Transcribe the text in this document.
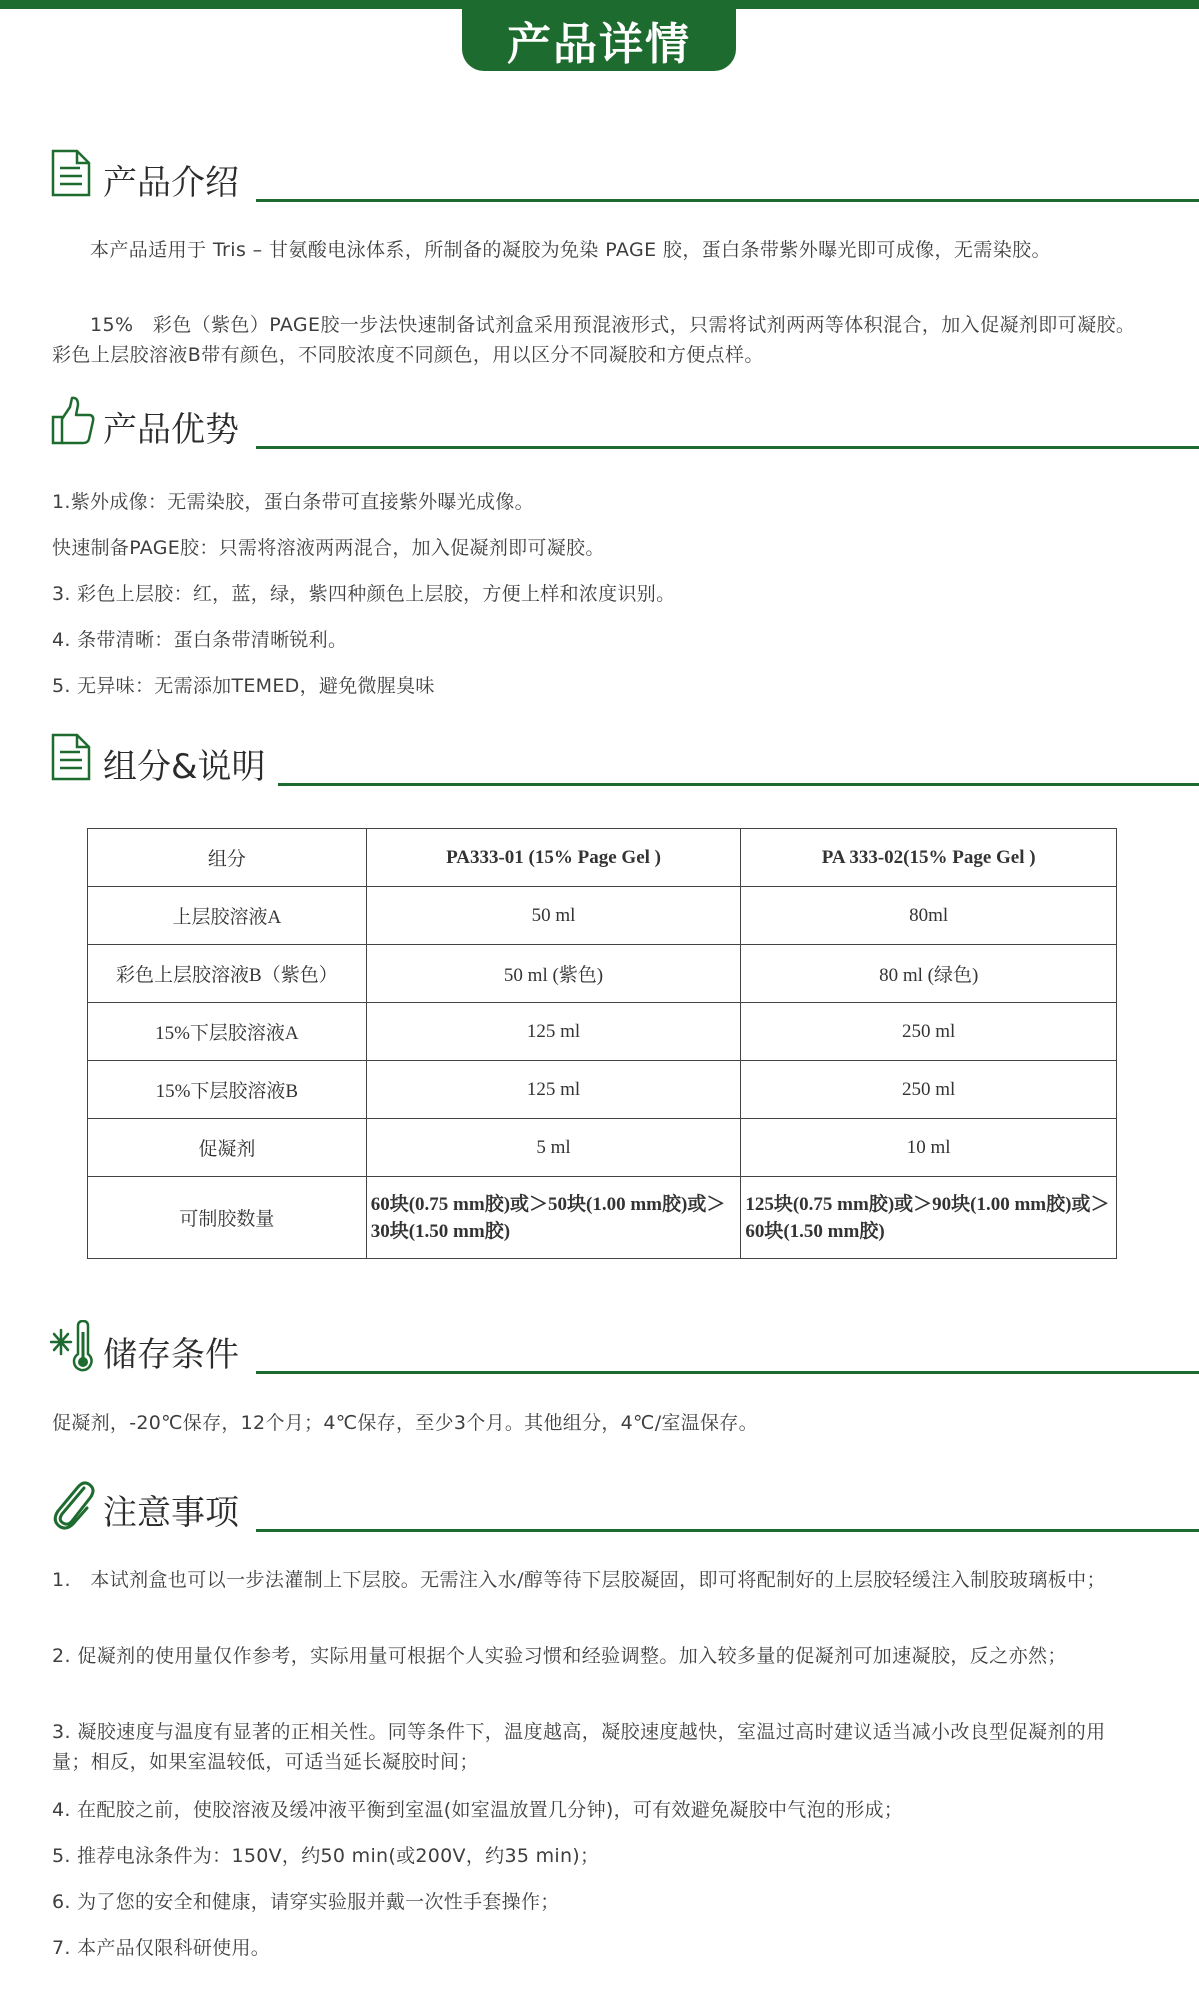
产品详情
产品介绍

本产品适用于 Tris – 甘氨酸电泳体系，所制备的凝胶为免染 PAGE 胶，蛋白条带紫外曝光即可成像，无需染胶。

15%　彩色（紫色）PAGE胶一步法快速制备试剂盒采用预混液形式，只需将试剂两两等体积混合，加入促凝剂即可凝胶。彩色上层胶溶液B带有颜色，不同胶浓度不同颜色，用以区分不同凝胶和方便点样。

产品优势
1.紫外成像：无需染胶，蛋白条带可直接紫外曝光成像。
快速制备PAGE胶：只需将溶液两两混合，加入促凝剂即可凝胶。
3. 彩色上层胶：红，蓝，绿，紫四种颜色上层胶，方便上样和浓度识别。
4. 条带清晰：蛋白条带清晰锐利。
5. 无异味：无需添加TEMED，避免微腥臭味
组分&说明
组分	PA333-01 (15% Page Gel )	PA 333-02(15% Page Gel )
上层胶溶液A	50 ml	80ml
彩色上层胶溶液B（紫色）	50 ml (紫色)	80 ml (绿色)
15%下层胶溶液A	125 ml	250 ml
15%下层胶溶液B	125 ml	250 ml
促凝剂	5 ml	10 ml
可制胶数量	60块(0.75 mm胶)或＞50块(1.00 mm胶)或＞30块(1.50 mm胶)	125块(0.75 mm胶)或＞90块(1.00 mm胶)或＞60块(1.50 mm胶)
储存条件
促凝剂，-20℃保存，12个月；4℃保存，至少3个月。其他组分，4℃/室温保存。
注意事项

1.　本试剂盒也可以一步法灌制上下层胶。无需注入水/醇等待下层胶凝固，即可将配制好的上层胶轻缓注入制胶玻璃板中；

2. 促凝剂的使用量仅作参考，实际用量可根据个人实验习惯和经验调整。加入较多量的促凝剂可加速凝胶，反之亦然；

3. 凝胶速度与温度有显著的正相关性。同等条件下，温度越高，凝胶速度越快，室温过高时建议适当减小改良型促凝剂的用量；相反，如果室温较低，可适当延长凝胶时间；

4. 在配胶之前，使胶溶液及缓冲液平衡到室温(如室温放置几分钟)，可有效避免凝胶中气泡的形成；
5. 推荐电泳条件为：150V，约50 min(或200V，约35 min)；
6. 为了您的安全和健康，请穿实验服并戴一次性手套操作；
7. 本产品仅限科研使用。
